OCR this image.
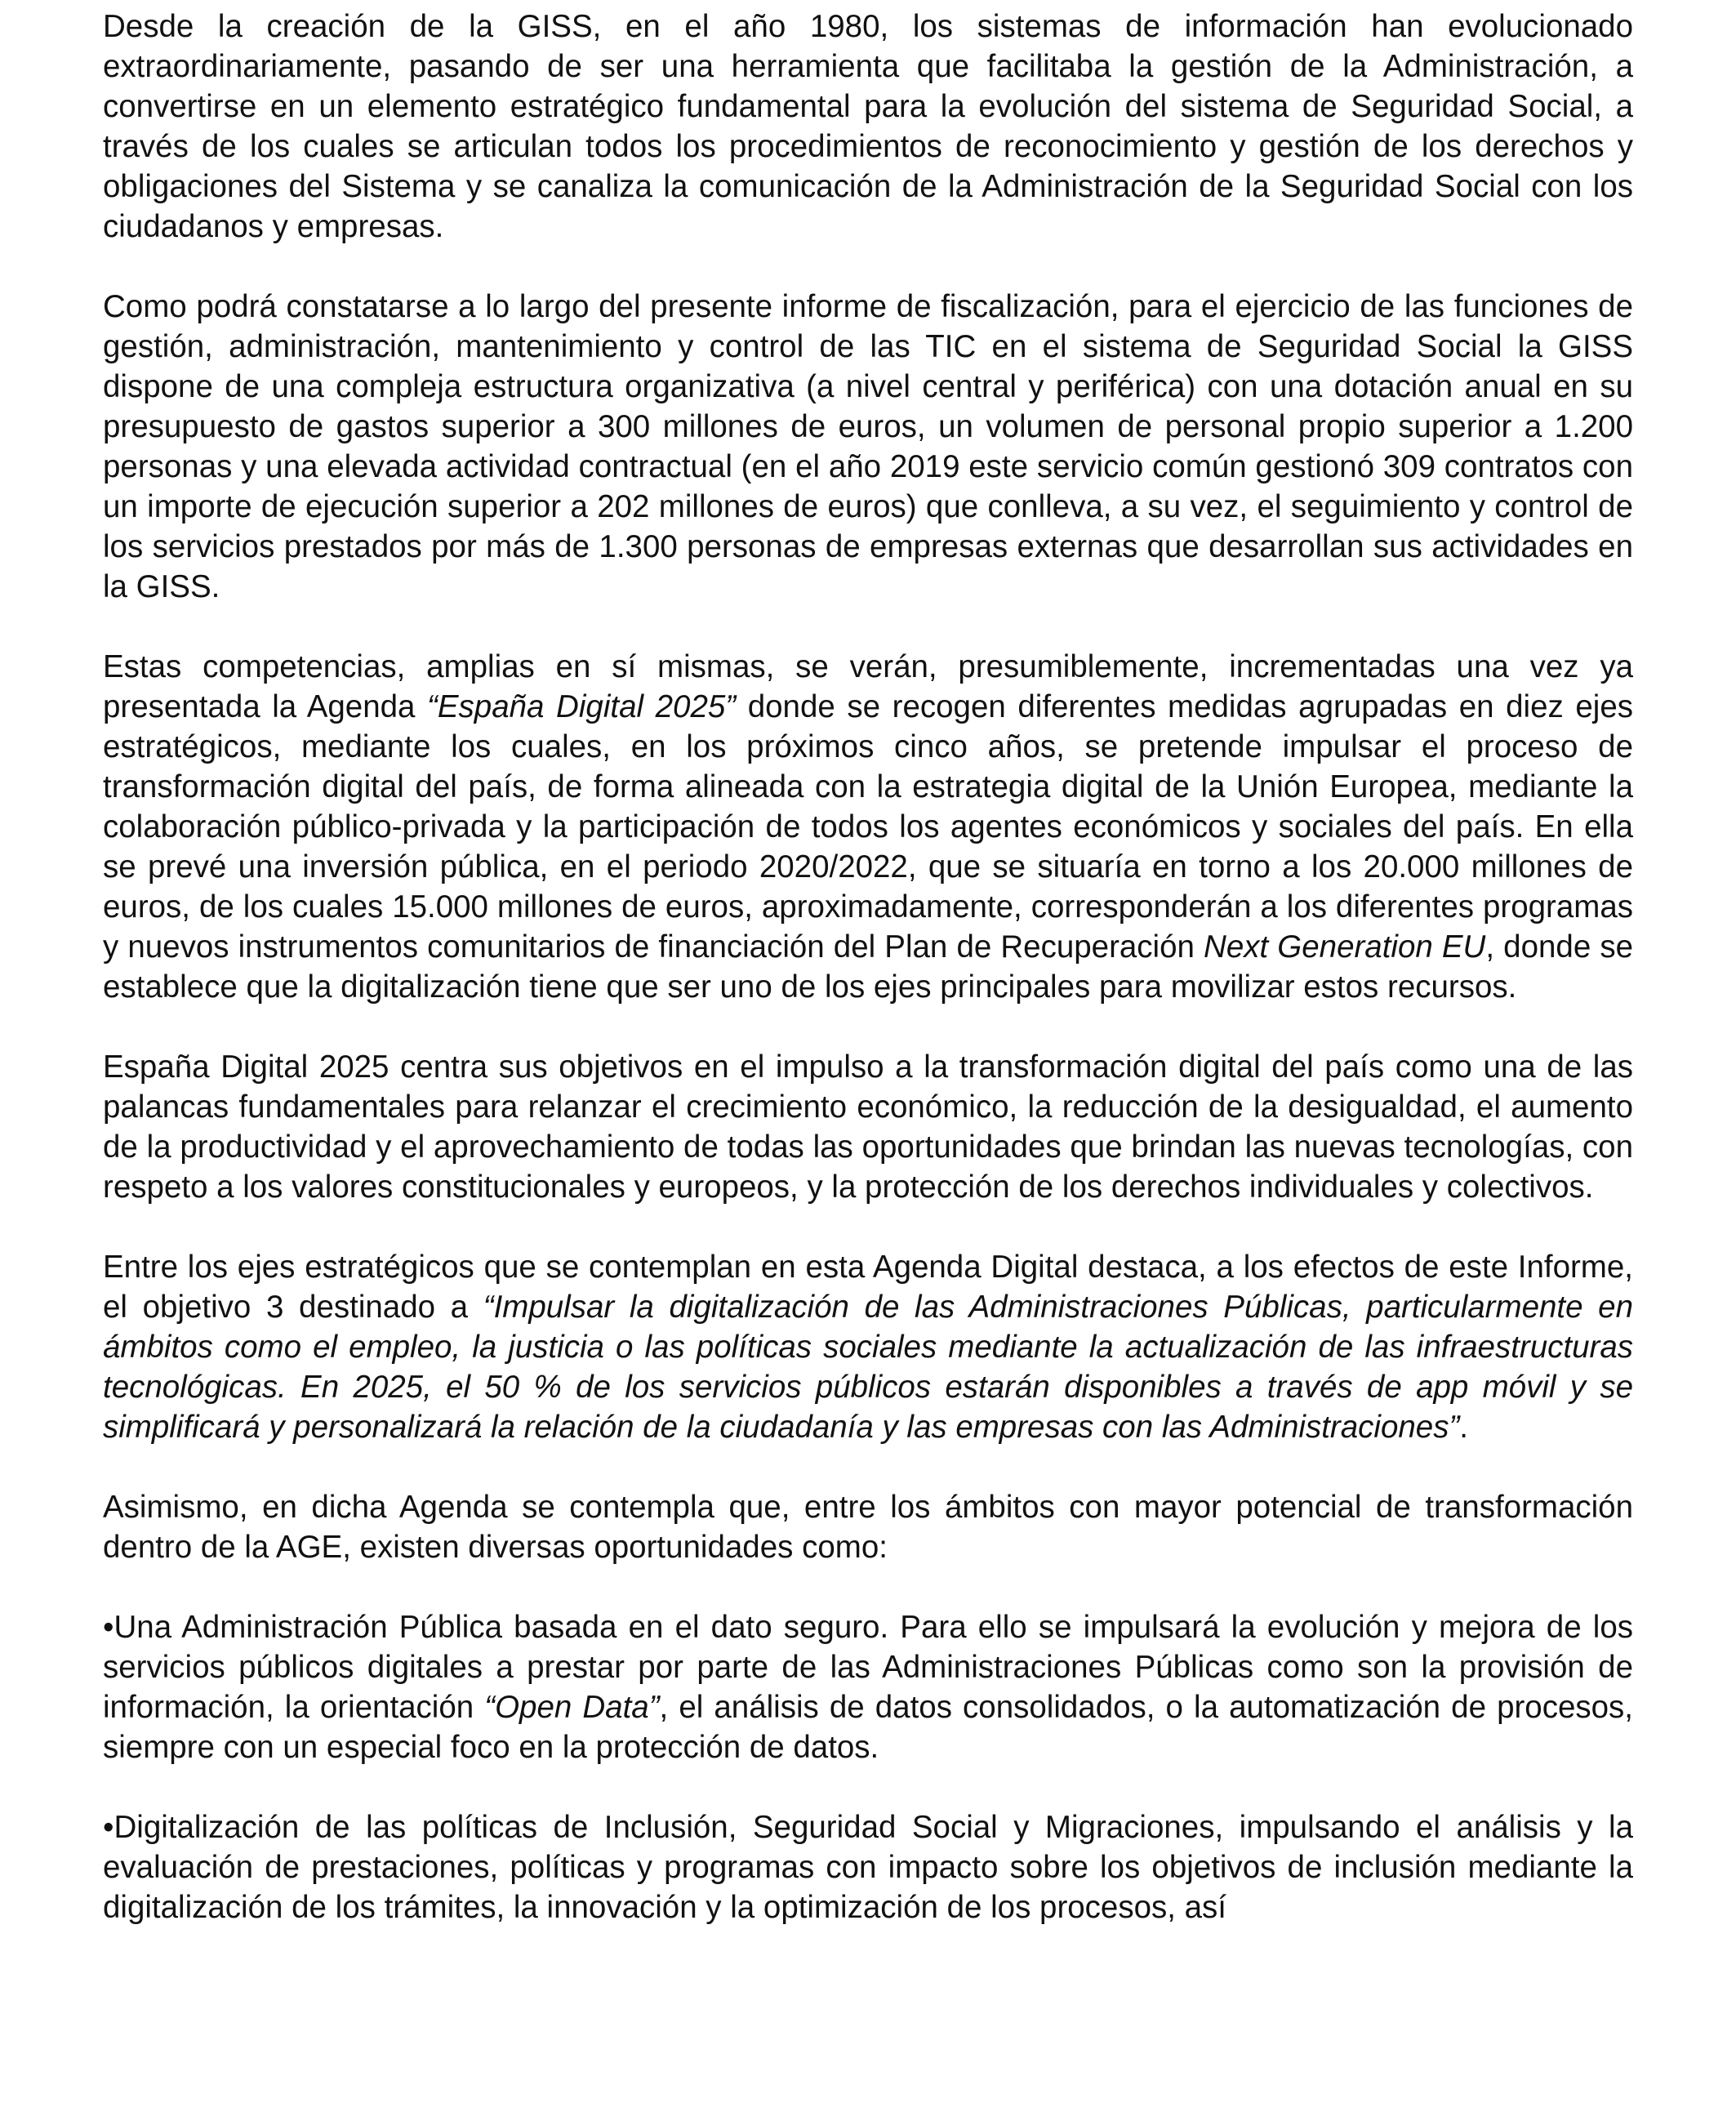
Desde la creación de la GISS, en el año 1980, los sistemas de información han evolucionado extraordinariamente, pasando de ser una herramienta que facilitaba la gestión de la Administración, a convertirse en un elemento estratégico fundamental para la evolución del sistema de Seguridad Social, a través de los cuales se articulan todos los procedimientos de reconocimiento y gestión de los derechos y obligaciones del Sistema y se canaliza la comunicación de la Administración de la Seguridad Social con los ciudadanos y empresas.

Como podrá constatarse a lo largo del presente informe de fiscalización, para el ejercicio de las funciones de gestión, administración, mantenimiento y control de las TIC en el sistema de Seguridad Social la GISS dispone de una compleja estructura organizativa (a nivel central y periférica) con una dotación anual en su presupuesto de gastos superior a 300 millones de euros, un volumen de personal propio superior a 1.200 personas y una elevada actividad contractual (en el año 2019 este servicio común gestionó 309 contratos con un importe de ejecución superior a 202 millones de euros) que conlleva, a su vez, el seguimiento y control de los servicios prestados por más de 1.300 personas de empresas externas que desarrollan sus actividades en la GISS.

Estas competencias, amplias en sí mismas, se verán, presumiblemente, incrementadas una vez ya presentada la Agenda “España Digital 2025” donde se recogen diferentes medidas agrupadas en diez ejes estratégicos, mediante los cuales, en los próximos cinco años, se pretende impulsar el proceso de transformación digital del país, de forma alineada con la estrategia digital de la Unión Europea, mediante la colaboración público-privada y la participación de todos los agentes económicos y sociales del país. En ella se prevé una inversión pública, en el periodo 2020/2022, que se situaría en torno a los 20.000 millones de euros, de los cuales 15.000 millones de euros, aproximadamente, corresponderán a los diferentes programas y nuevos instrumentos comunitarios de financiación del Plan de Recuperación Next Generation EU, donde se establece que la digitalización tiene que ser uno de los ejes principales para movilizar estos recursos.

España Digital 2025 centra sus objetivos en el impulso a la transformación digital del país como una de las palancas fundamentales para relanzar el crecimiento económico, la reducción de la desigualdad, el aumento de la productividad y el aprovechamiento de todas las oportunidades que brindan las nuevas tecnologías, con respeto a los valores constitucionales y europeos, y la protección de los derechos individuales y colectivos.

Entre los ejes estratégicos que se contemplan en esta Agenda Digital destaca, a los efectos de este Informe, el objetivo 3 destinado a “Impulsar la digitalización de las Administraciones Públicas, particularmente en ámbitos como el empleo, la justicia o las políticas sociales mediante la actualización de las infraestructuras tecnológicas. En 2025, el 50 % de los servicios públicos estarán disponibles a través de app móvil y se simplificará y personalizará la relación de la ciudadanía y las empresas con las Administraciones”.

Asimismo, en dicha Agenda se contempla que, entre los ámbitos con mayor potencial de transformación dentro de la AGE, existen diversas oportunidades como:

•Una Administración Pública basada en el dato seguro. Para ello se impulsará la evolución y mejora de los servicios públicos digitales a prestar por parte de las Administraciones Públicas como son la provisión de información, la orientación “Open Data”, el análisis de datos consolidados, o la automatización de procesos, siempre con un especial foco en la protección de datos.

•Digitalización de las políticas de Inclusión, Seguridad Social y Migraciones, impulsando el análisis y la evaluación de prestaciones, políticas y programas con impacto sobre los objetivos de inclusión mediante la digitalización de los trámites, la innovación y la optimización de los procesos, así
